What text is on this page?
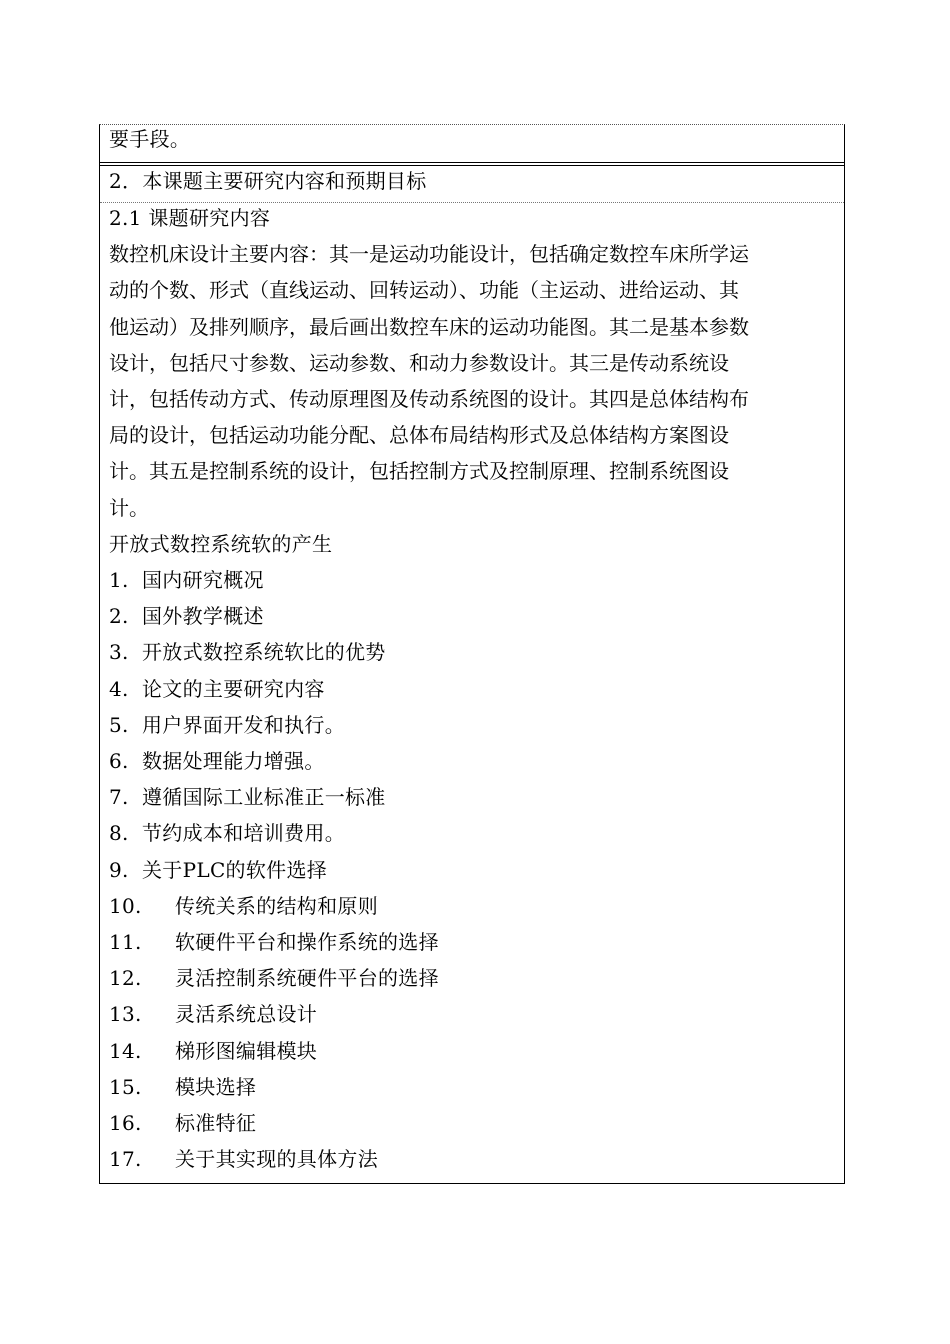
要手段。
2．本课题主要研究内容和预期目标
2.1 课题研究内容
数控机床设计主要内容：其一是运动功能设计，包括确定数控车床所学运
动的个数、形式（直线运动、回转运动）、功能（主运动、进给运动、其
他运动）及排列顺序，最后画出数控车床的运动功能图。其二是基本参数
设计，包括尺寸参数、运动参数、和动力参数设计。其三是传动系统设
计，包括传动方式、传动原理图及传动系统图的设计。其四是总体结构布
局的设计，包括运动功能分配、总体布局结构形式及总体结构方案图设
计。其五是控制系统的设计，包括控制方式及控制原理、控制系统图设
计。
开放式数控系统软的产生
1. 国内研究概况
2. 国外教学概述
3. 开放式数控系统软比的优势
4. 论文的主要研究内容
5. 用户界面开发和执行。
6. 数据处理能力增强。
7. 遵循国际工业标准正一标准
8. 节约成本和培训费用。
9. 关于PLC的软件选择
10. 传统关系的结构和原则
11. 软硬件平台和操作系统的选择
12. 灵活控制系统硬件平台的选择
13. 灵活系统总设计
14. 梯形图编辑模块
15. 模块选择
16. 标准特征
17. 关于其实现的具体方法
